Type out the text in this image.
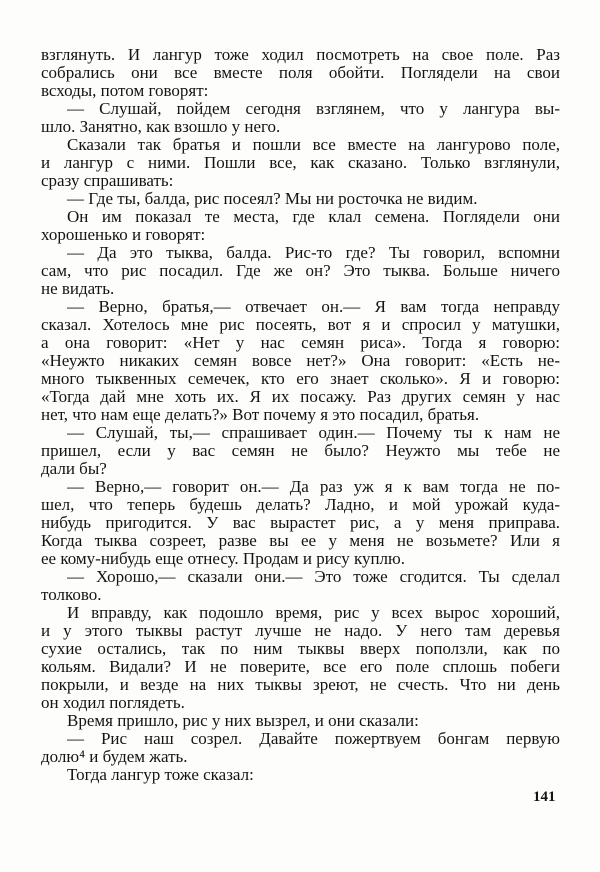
взглянуть. И лангур тоже ходил посмотреть на свое поле. Раз
собрались они все вместе поля обойти. Поглядели на свои
всходы, потом говорят:
— Слушай, пойдем сегодня взглянем, что у лангура вы-
шло. Занятно, как взошло у него.
Сказали так братья и пошли все вместе на лангурово поле,
и лангур с ними. Пошли все, как сказано. Только взглянули,
сразу спрашивать:
— Где ты, балда, рис посеял? Мы ни росточка не видим.
Он им показал те места, где клал семена. Поглядели они
хорошенько и говорят:
— Да это тыква, балда. Рис-то где? Ты говорил, вспомни
сам, что рис посадил. Где же он? Это тыква. Больше ничего
не видать.
— Верно, братья,— отвечает он.— Я вам тогда неправду
сказал. Хотелось мне рис посеять, вот я и спросил у матушки,
а она говорит: «Нет у нас семян риса». Тогда я говорю:
«Неужто никаких семян вовсе нет?» Она говорит: «Есть не-
много тыквенных семечек, кто его знает сколько». Я и говорю:
«Тогда дай мне хоть их. Я их посажу. Раз других семян у нас
нет, что нам еще делать?» Вот почему я это посадил, братья.
— Слушай, ты,— спрашивает один.— Почему ты к нам не
пришел, если у вас семян не было? Неужто мы тебе не
дали бы?
— Верно,— говорит он.— Да раз уж я к вам тогда не по-
шел, что теперь будешь делать? Ладно, и мой урожай куда-
нибудь пригодится. У вас вырастет рис, а у меня приправа.
Когда тыква созреет, разве вы ее у меня не возьмете? Или я
ее кому-нибудь еще отнесу. Продам и рису куплю.
— Хорошо,— сказали они.— Это тоже сгодится. Ты сделал
толково.
И вправду, как подошло время, рис у всех вырос хороший,
и у этого тыквы растут лучше не надо. У него там деревья
сухие остались, так по ним тыквы вверх поползли, как по
кольям. Видали? И не поверите, все его поле сплошь побеги
покрыли, и везде на них тыквы зреют, не счесть. Что ни день
он ходил поглядеть.
Время пришло, рис у них вызрел, и они сказали:
— Рис наш созрел. Давайте пожертвуем бонгам первую
долю⁴ и будем жать.
Тогда лангур тоже сказал:
141
